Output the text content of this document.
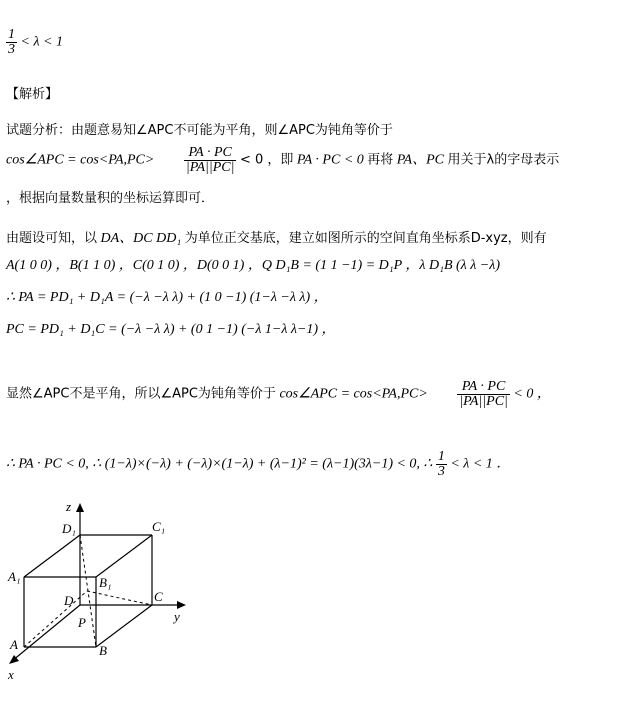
$\frac{1}{3} < \lambda < 1$
【解析】
试题分析：由题意易知∠APC不可能为平角，则∠APC为钝角等价于
cos∠APC = $\cos<PA,PC> \frac{PA \cdot PC}{|PA||PC|} < 0$ ，即 PA · PC < 0 再将 PA、PC 用关于λ的字母表示
，根据向量数量积的坐标运算即可．
由题设可知，以 DA、DC DD₁ 为单位正交基底，建立如图所示的空间直角坐标系D-xyz，则有
A(1 0 0) ，B(1 1 0) ，C(0 1 0) ，D(0 0 1) ，Q D₁B = (1 1 −1) = D₁P ，λ D₁B (λ λ −λ)
∴ PA = PD₁ + D₁A = (−λ −λ λ) + (1 0 −1) (1−λ −λ λ) ，
PC = PD₁ + D₁C = (−λ −λ λ) + (0 1 −1) (−λ 1−λ λ−1) ，
显然∠APC不是平角，所以∠APC为钝角等价于 cos∠APC = $\cos<PA,PC> \frac{PA \cdot PC}{|PA||PC|} < 0$ ，
∴ PA · PC < 0, ∴ (1−λ)×(−λ) + (−λ)×(1−λ) + (λ−1)² = (λ−1)(3λ−1) < 0, ∴ $\frac{1}{3} < \lambda < 1$ ．
z
y
x
D₁	C₁
A₁	B₁
D	C
P
A	B
